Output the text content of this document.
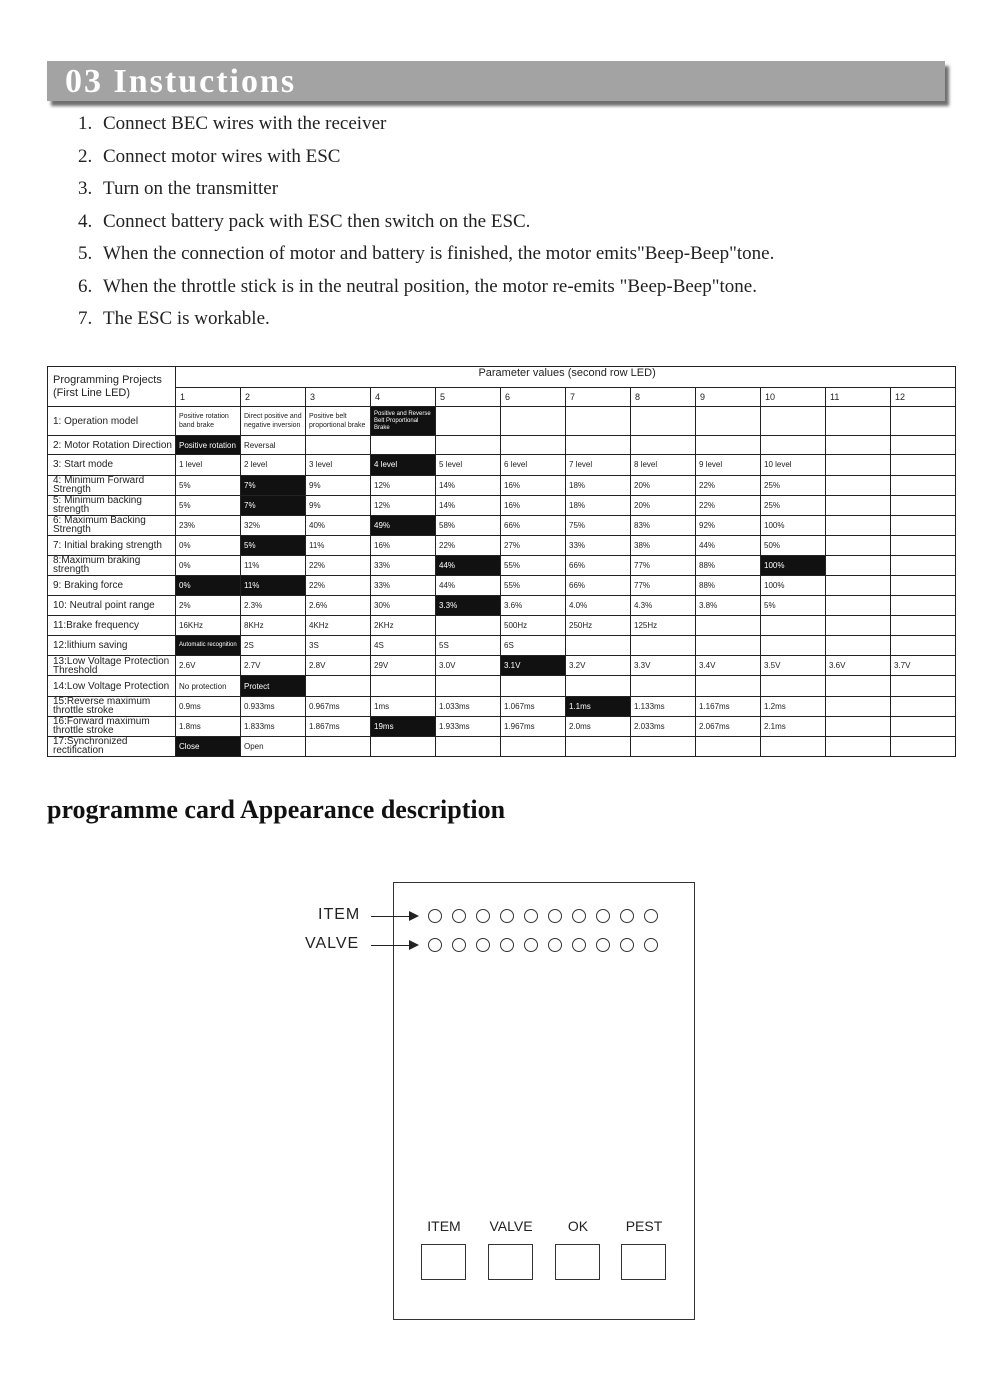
03 Instuctions
1. Connect BEC wires with the receiver
2. Connect motor wires with ESC
3. Turn on the transmitter
4. Connect battery pack with ESC then switch on the ESC.
5. When the connection of motor and battery is finished, the motor emits"Beep-Beep"tone.
6. When the throttle stick is in the neutral position, the motor re-emits "Beep-Beep"tone.
7. The ESC is workable.
Programming Projects (First Line LED)	Parameter values (second row LED)											
	1	2	3	4	5	6	7	8	9	10	11	12
1: Operation model	Positive rotation band brake	Direct positive and negative inversion	Positive belt proportional brake	Positive and Reverse Belt Proportional Brake								
2: Motor Rotation Direction	Positive rotation	Reversal										
3: Start mode	1 level	2 level	3 level	4 level	5 level	6 level	7 level	8 level	9 level	10 level		
4: Minimum Forward Strength	5%	7%	9%	12%	14%	16%	18%	20%	22%	25%		
5: Minimum backing strength	5%	7%	9%	12%	14%	16%	18%	20%	22%	25%		
6: Maximum Backing Strength	23%	32%	40%	49%	58%	66%	75%	83%	92%	100%		
7: Initial braking strength	0%	5%	11%	16%	22%	27%	33%	38%	44%	50%		
8:Maximum braking strength	0%	11%	22%	33%	44%	55%	66%	77%	88%	100%		
9: Braking force	0%	11%	22%	33%	44%	55%	66%	77%	88%	100%		
10: Neutral point range	2%	2.3%	2.6%	30%	3.3%	3.6%	4.0%	4.3%	3.8%	5%		
11:Brake frequency	16KHz	8KHz	4KHz	2KHz		500Hz	250Hz	125Hz				
12:lithium saving	Automatic recognition	2S	3S	4S	5S	6S						
13:Low Voltage Protection Threshold	2.6V	2.7V	2.8V	29V	3.0V	3.1V	3.2V	3.3V	3.4V	3.5V	3.6V	3.7V
14:Low Voltage Protection	No protection	Protect										
15:Reverse maximum throttle stroke	0.9ms	0.933ms	0.967ms	1ms	1.033ms	1.067ms	1.1ms	1.133ms	1.167ms	1.2ms		
16:Forward maximum throttle stroke	1.8ms	1.833ms	1.867ms	19ms	1.933ms	1.967ms	2.0ms	2.033ms	2.067ms	2.1ms		
17:Synchronized rectification	Close	Open										
programme card Appearance description
ITEM
VALVE
ITEM	VALVE	OK	PEST
